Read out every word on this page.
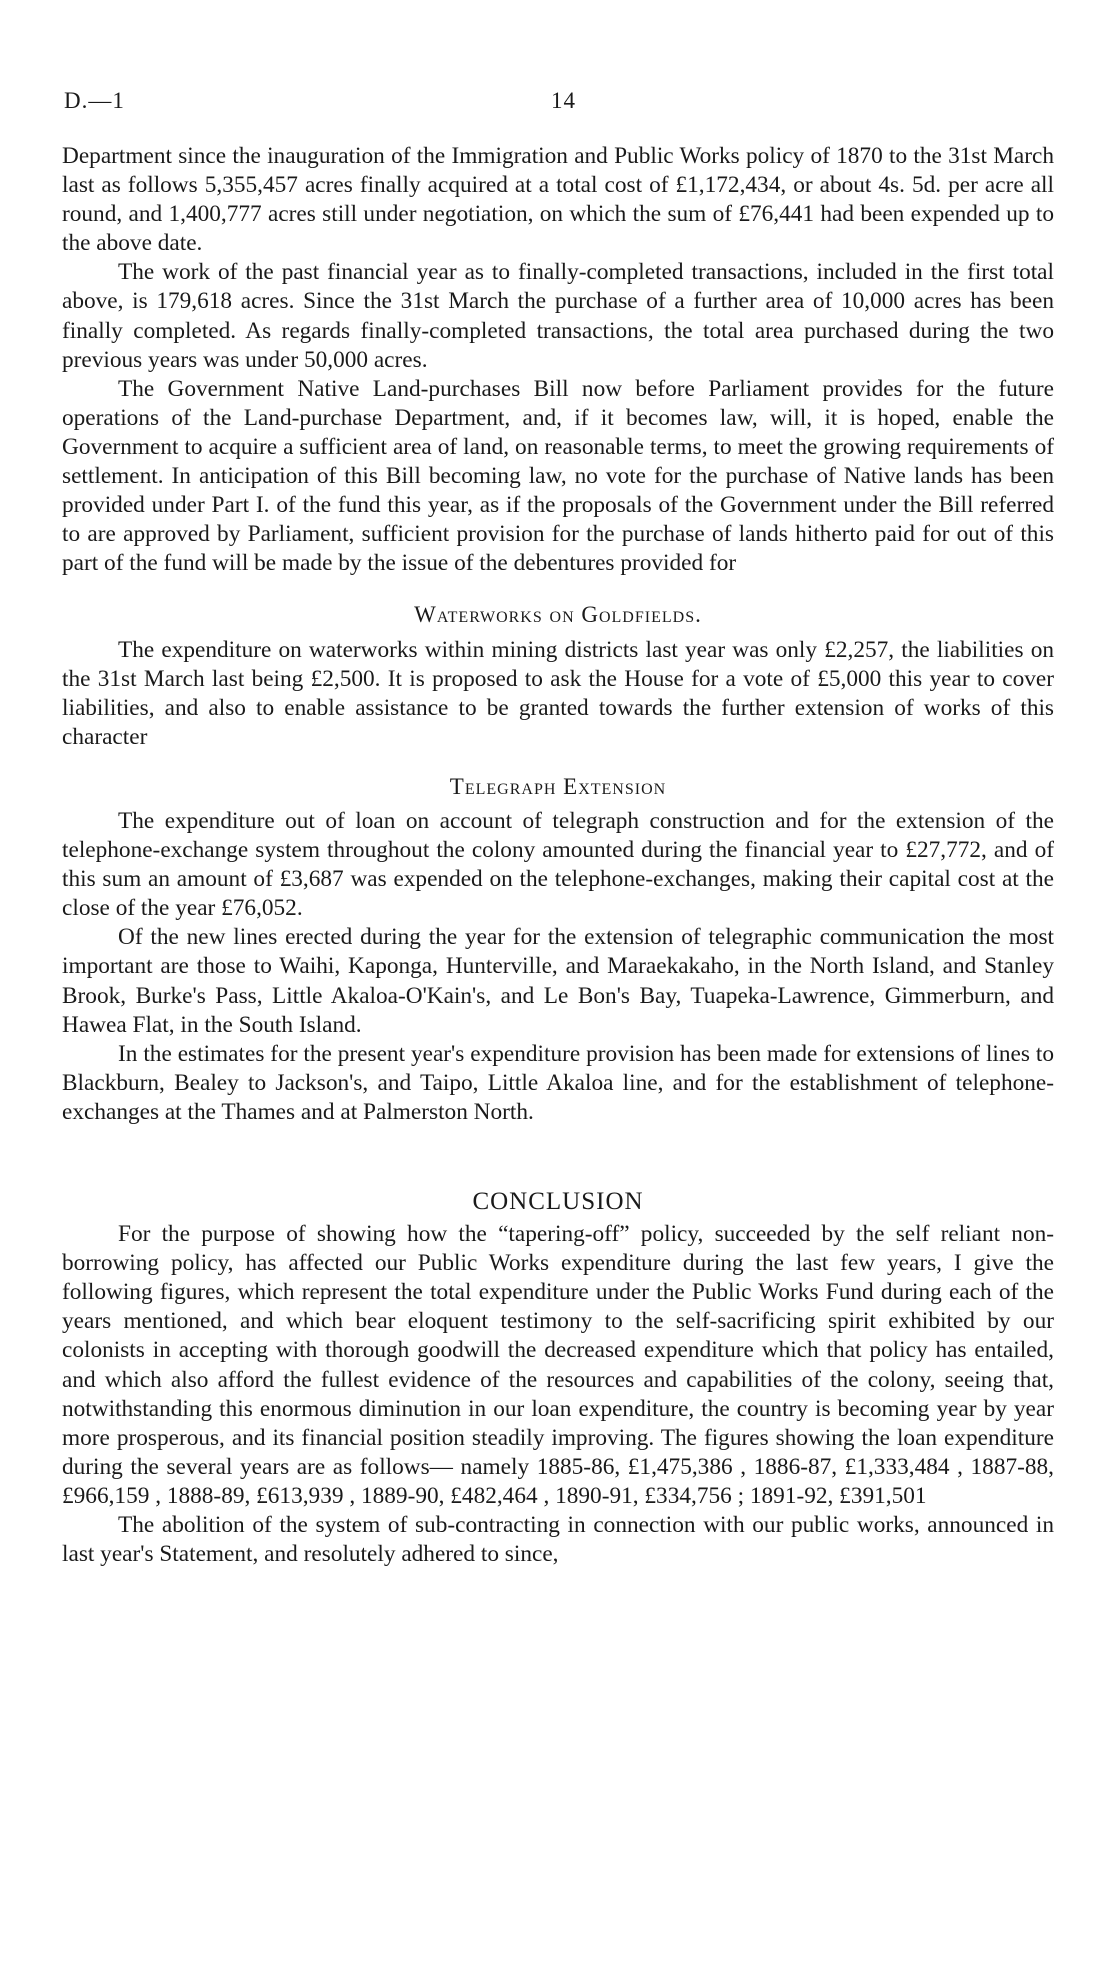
D.—1	14

Department since the inauguration of the Immigration and Public Works policy of 1870 to the 31st March last as follows 5,355,457 acres finally acquired at a total cost of £1,172,434, or about 4s. 5d. per acre all round, and 1,400,777 acres still under negotiation, on which the sum of £76,441 had been expended up to the above date.

The work of the past financial year as to finally-completed transactions, included in the first total above, is 179,618 acres. Since the 31st March the purchase of a further area of 10,000 acres has been finally completed. As regards finally-completed transactions, the total area purchased during the two previous years was under 50,000 acres.

The Government Native Land-purchases Bill now before Parliament provides for the future operations of the Land-purchase Department, and, if it becomes law, will, it is hoped, enable the Government to acquire a sufficient area of land, on reasonable terms, to meet the growing requirements of settlement. In anticipation of this Bill becoming law, no vote for the purchase of Native lands has been provided under Part I. of the fund this year, as if the proposals of the Government under the Bill referred to are approved by Parliament, sufficient provision for the purchase of lands hitherto paid for out of this part of the fund will be made by the issue of the debentures provided for

Waterworks on Goldfields.

The expenditure on waterworks within mining districts last year was only £2,257, the liabilities on the 31st March last being £2,500. It is proposed to ask the House for a vote of £5,000 this year to cover liabilities, and also to enable assistance to be granted towards the further extension of works of this character

Telegraph Extension

The expenditure out of loan on account of telegraph construction and for the extension of the telephone-exchange system throughout the colony amounted during the financial year to £27,772, and of this sum an amount of £3,687 was expended on the telephone-exchanges, making their capital cost at the close of the year £76,052.

Of the new lines erected during the year for the extension of telegraphic communication the most important are those to Waihi, Kaponga, Hunterville, and Maraekakaho, in the North Island, and Stanley Brook, Burke's Pass, Little Akaloa-O'Kain's, and Le Bon's Bay, Tuapeka-Lawrence, Gimmerburn, and Hawea Flat, in the South Island.

In the estimates for the present year's expenditure provision has been made for extensions of lines to Blackburn, Bealey to Jackson's, and Taipo, Little Akaloa line, and for the establishment of telephone-exchanges at the Thames and at Palmerston North.

CONCLUSION

For the purpose of showing how the “tapering-off” policy, succeeded by the self reliant non-borrowing policy, has affected our Public Works expenditure during the last few years, I give the following figures, which represent the total expenditure under the Public Works Fund during each of the years mentioned, and which bear eloquent testimony to the self-sacrificing spirit exhibited by our colonists in accepting with thorough goodwill the decreased expenditure which that policy has entailed, and which also afford the fullest evidence of the resources and capabilities of the colony, seeing that, notwithstanding this enormous diminution in our loan expenditure, the country is becoming year by year more prosperous, and its financial position steadily improving. The figures showing the loan expenditure during the several years are as follows— namely 1885-86, £1,475,386 , 1886-87, £1,333,484 , 1887-88, £966,159 , 1888-89, £613,939 , 1889-90, £482,464 , 1890-91, £334,756 ; 1891-92, £391,501

The abolition of the system of sub-contracting in connection with our public works, announced in last year's Statement, and resolutely adhered to since,
